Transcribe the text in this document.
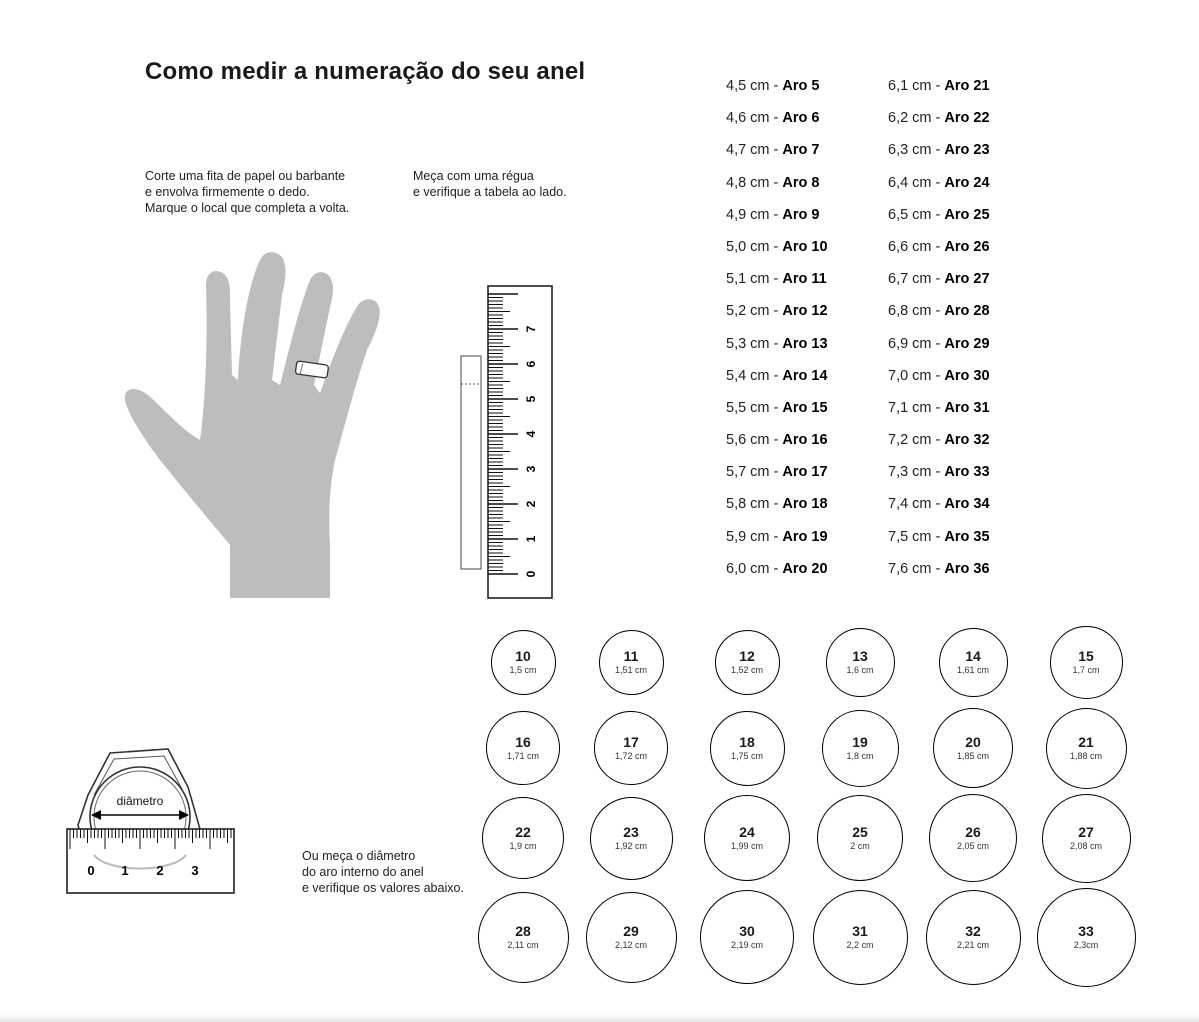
Como medir a numeração do seu anel
Corte uma fita de papel ou barbante
e envolva firmemente o dedo.
Marque o local que completa a volta.
Meça com uma régua
e verifique a tabela ao lado.
Ou meça o diâmetro
do aro interno do anel
e verifique os valores abaixo.
0
1
2
3
4
5
6
7
4,5 cm - Aro 5
4,6 cm - Aro 6
4,7 cm - Aro 7
4,8 cm - Aro 8
4,9 cm - Aro 9
5,0 cm - Aro 10
5,1 cm - Aro 11
5,2 cm - Aro 12
5,3 cm - Aro 13
5,4 cm - Aro 14
5,5 cm - Aro 15
5,6 cm - Aro 16
5,7 cm - Aro 17
5,8 cm - Aro 18
5,9 cm - Aro 19
6,0 cm - Aro 20
6,1 cm - Aro 21
6,2 cm - Aro 22
6,3 cm - Aro 23
6,4 cm - Aro 24
6,5 cm - Aro 25
6,6 cm - Aro 26
6,7 cm - Aro 27
6,8 cm - Aro 28
6,9 cm - Aro 29
7,0 cm - Aro 30
7,1 cm - Aro 31
7,2 cm - Aro 32
7,3 cm - Aro 33
7,4 cm - Aro 34
7,5 cm - Aro 35
7,6 cm - Aro 36
diâmetro
0 1 2 3
10
1,5 cm
11
1,51 cm
12
1,52 cm
13
1,6 cm
14
1,61 cm
15
1,7 cm
16
1,71 cm
17
1,72 cm
18
1,75 cm
19
1,8 cm
20
1,85 cm
21
1,88 cm
22
1,9 cm
23
1,92 cm
24
1,99 cm
25
2 cm
26
2,05 cm
27
2,08 cm
28
2,11 cm
29
2,12 cm
30
2,19 cm
31
2,2 cm
32
2,21 cm
33
2,3cm
